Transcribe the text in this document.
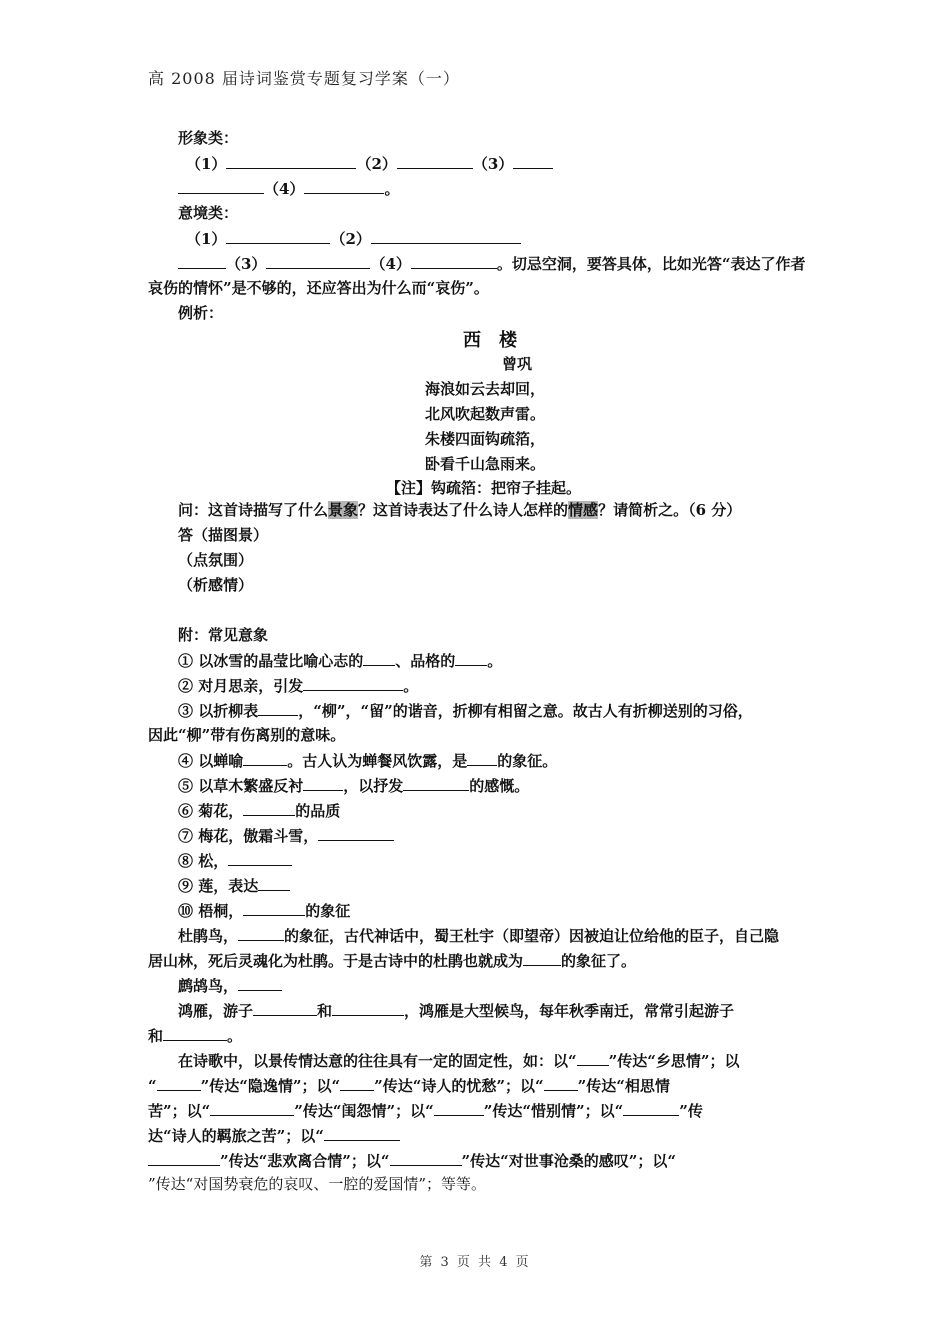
高 2008 届诗词鉴赏专题复习学案（一）
形象类：
（1）	（2）	（3）
（4）	。
意境类：
（1）	（2）
（3）	（4）	。切忌空洞，要答具体，比如光答“表达了作者
哀伤的情怀”是不够的，还应答出为什么而“哀伤”。
例析：
西楼
曾巩
海浪如云去却回，
北风吹起数声雷。
朱楼四面钩疏箔，
卧看千山急雨来。
【注】钩疏箔：把帘子挂起。
问：这首诗描写了什么景象？这首诗表达了什么诗人怎样的情感？请简析之。（6 分）
答（描图景）
（点氛围）
（析感情）
附：常见意象
① 以冰雪的晶莹比喻心志的 、品格的 。
② 对月思亲，引发	。
③ 以折柳表	，“柳”，“留”的谐音，折柳有相留之意。故古人有折柳送别的习俗，
因此“柳”带有伤离别的意味。
④ 以蝉喻	。古人认为蝉餐风饮露，是 的象征。
⑤ 以草木繁盛反衬	，以抒发	的感慨。
⑥ 菊花，	的品质
⑦ 梅花，傲霜斗雪，
⑧ 松，
⑨ 莲，表达
⑩ 梧桐，	的象征
杜鹃鸟，	的象征，古代神话中，蜀王杜宇（即望帝）因被迫让位给他的臣子，自己隐
居山林，死后灵魂化为杜鹃。于是古诗中的杜鹃也就成为	的象征了。
鹧鸪鸟，
鸿雁，游子	和	，鸿雁是大型候鸟，每年秋季南迁，常常引起游子
和	。
在诗歌中，以景传情达意的往往具有一定的固定性，如：以“ ”传达“乡思情”；以
“	”传达“隐逸情”；以“ ”传达“诗人的忧愁”；以“ ”传达“相思情
苦”；以“	”传达“闺怨情”；以“	”传达“惜别情”；以“	”传
达“诗人的羁旅之苦”；以“
”传达“悲欢离合情”；以“	”传达“对世事沧桑的感叹”；以“
”传达“对国势衰危的哀叹、一腔的爱国情”；等等。
第 3 页 共 4 页
